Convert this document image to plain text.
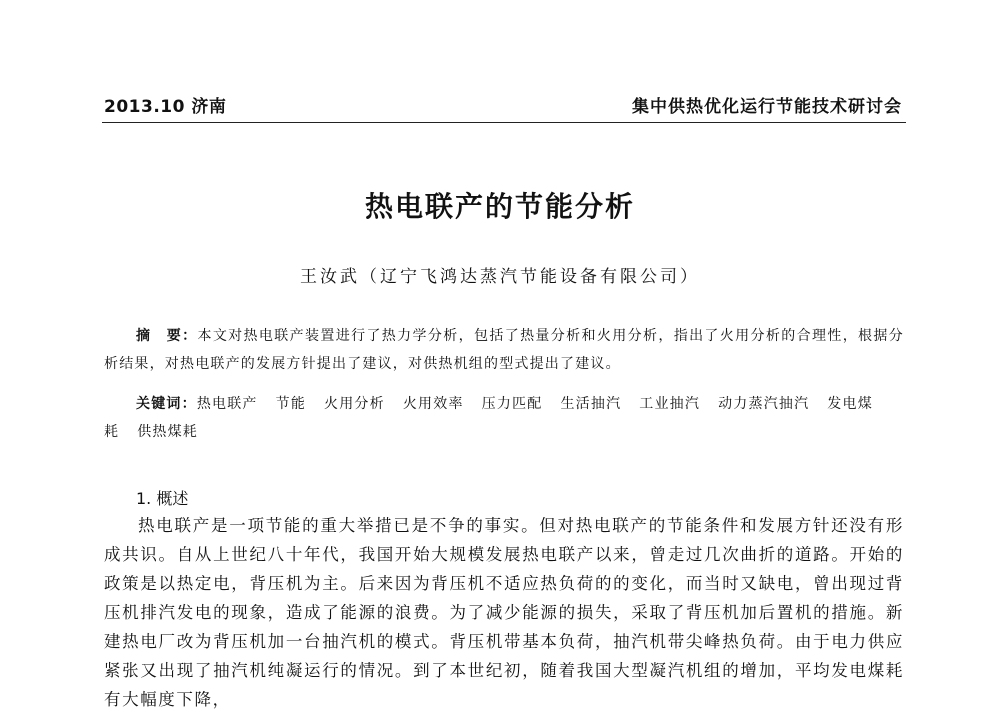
2013.10 济南	集中供热优化运行节能技术研讨会
热电联产的节能分析
王汝武（辽宁飞鸿达蒸汽节能设备有限公司）

摘　要：本文对热电联产装置进行了热力学分析，包括了热量分析和火用分析，指出了火用分析的合理性，根据分析结果，对热电联产的发展方针提出了建议，对供热机组的型式提出了建议。

关键词：热电联产 节能 火用分析 火用效率 压力匹配 生活抽汽 工业抽汽 动力蒸汽抽汽 发电煤耗 供热煤耗

1. 概述

热电联产是一项节能的重大举措已是不争的事实。但对热电联产的节能条件和发展方针还没有形成共识。自从上世纪八十年代，我国开始大规模发展热电联产以来，曾走过几次曲折的道路。开始的政策是以热定电，背压机为主。后来因为背压机不适应热负荷的的变化，而当时又缺电，曾出现过背压机排汽发电的现象，造成了能源的浪费。为了减少能源的损失，采取了背压机加后置机的措施。新建热电厂改为背压机加一台抽汽机的模式。背压机带基本负荷，抽汽机带尖峰热负荷。由于电力供应紧张又出现了抽汽机纯凝运行的情况。到了本世纪初，随着我国大型凝汽机组的增加，平均发电煤耗有大幅度下降，
